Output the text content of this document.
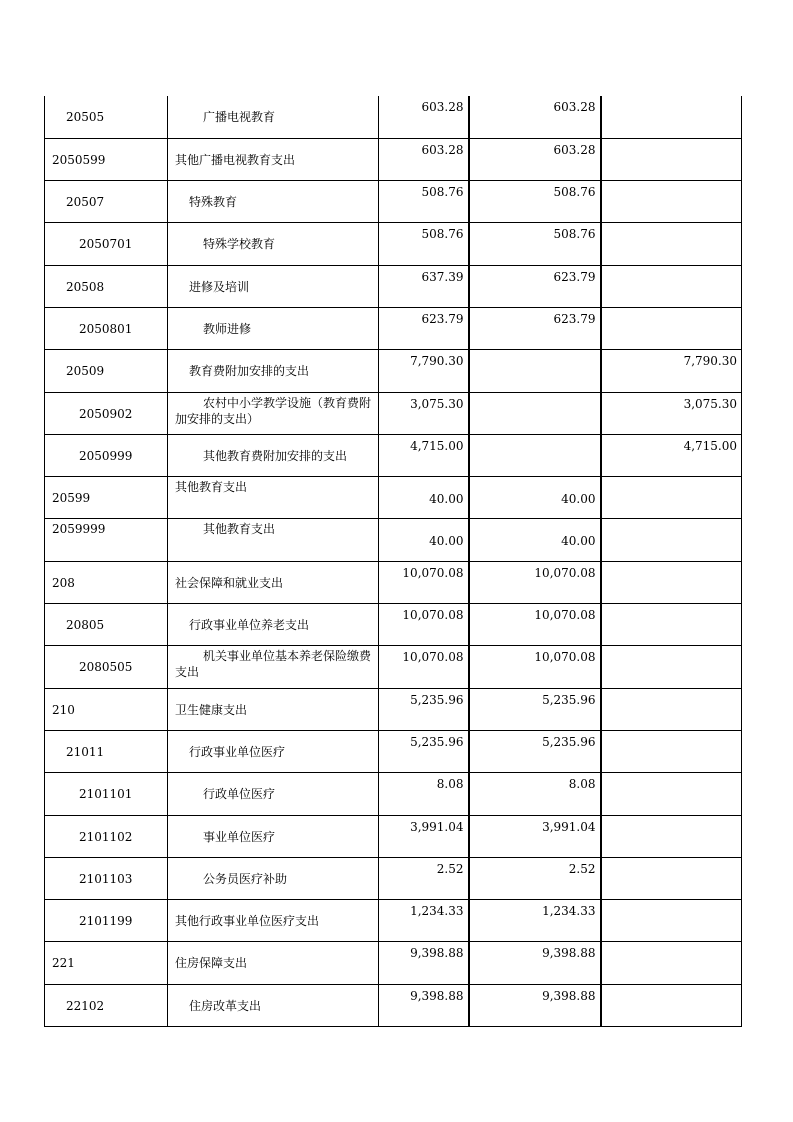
20505	广播电视教育	603.28	603.28	

2050599	其他广播电视教育支出	603.28	603.28	

20507	特殊教育	508.76	508.76	

2050701	特殊学校教育	508.76	508.76	

20508	进修及培训	637.39	623.79	

2050801	教师进修	623.79	623.79	

20509	教育费附加安排的支出	7,790.30		7,790.30

2050902	农村中小学教学设施（教育费附加安排的支出）	3,075.30		3,075.30

2050999	其他教育费附加安排的支出	4,715.00		4,715.00

20599	其他教育支出	40.00	40.00	

2059999	其他教育支出	40.00	40.00	

208	社会保障和就业支出	10,070.08	10,070.08	

20805	行政事业单位养老支出	10,070.08	10,070.08	

2080505	机关事业单位基本养老保险缴费支出	10,070.08	10,070.08	

210	卫生健康支出	5,235.96	5,235.96	

21011	行政事业单位医疗	5,235.96	5,235.96	

2101101	行政单位医疗	8.08	8.08	

2101102	事业单位医疗	3,991.04	3,991.04	

2101103	公务员医疗补助	2.52	2.52	

2101199	其他行政事业单位医疗支出	1,234.33	1,234.33	

221	住房保障支出	9,398.88	9,398.88	

22102	住房改革支出	9,398.88	9,398.88	
